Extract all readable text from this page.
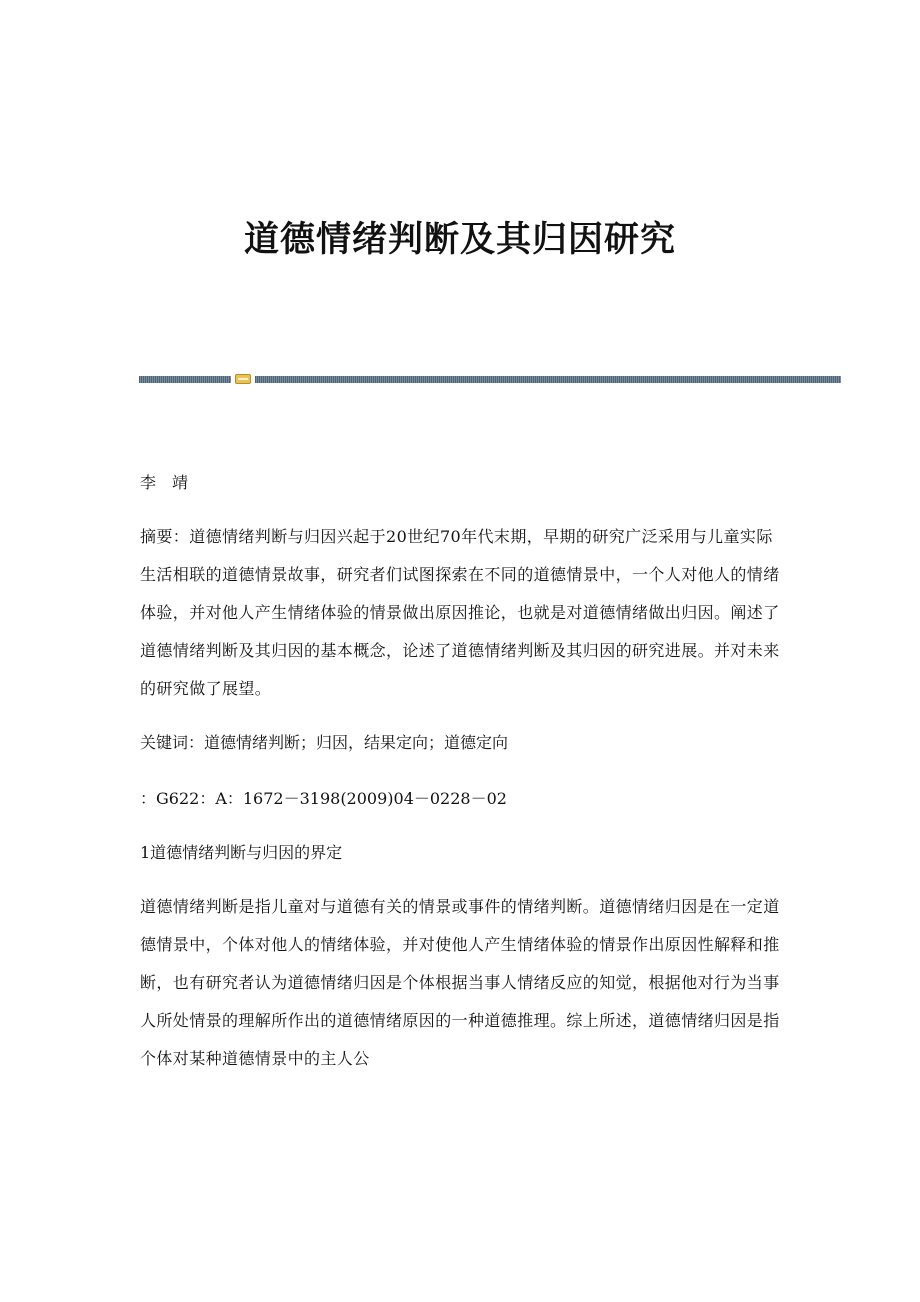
道德情绪判断及其归因研究

李　靖

摘要：道德情绪判断与归因兴起于20世纪70年代末期，早期的研究广泛采用与儿童实际生活相联的道德情景故事，研究者们试图探索在不同的道德情景中，一个人对他人的情绪体验，并对他人产生情绪体验的情景做出原因推论，也就是对道德情绪做出归因。阐述了道德情绪判断及其归因的基本概念，论述了道德情绪判断及其归因的研究进展。并对未来的研究做了展望。

关键词：道德情绪判断；归因，结果定向；道德定向

：G622：A：1672－3198(2009)04－0228－02

1道德情绪判断与归因的界定

道德情绪判断是指儿童对与道德有关的情景或事件的情绪判断。道德情绪归因是在一定道德情景中，个体对他人的情绪体验，并对使他人产生情绪体验的情景作出原因性解释和推断，也有研究者认为道德情绪归因是个体根据当事人情绪反应的知觉，根据他对行为当事人所处情景的理解所作出的道德情绪原因的一种道德推理。综上所述，道德情绪归因是指个体对某种道德情景中的主人公
